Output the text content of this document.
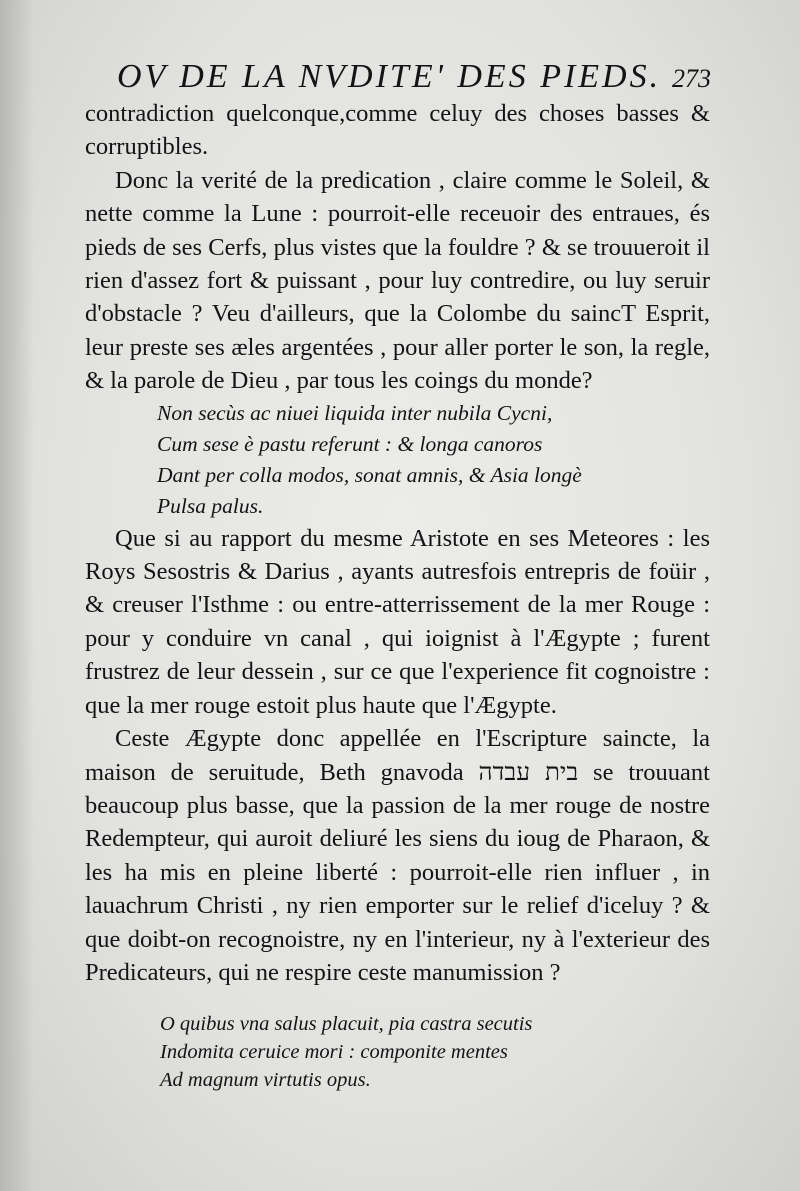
OV DE LA NVDITE' DES PIEDS. 273

contradiction quelconque,comme celuy des choses basses & corruptibles.

Donc la verité de la predication , claire comme le Soleil, & nette comme la Lune : pourroit-elle receuoir des entraues, és pieds de ses Cerfs, plus vistes que la fouldre ? & se trouueroit il rien d'assez fort & puissant , pour luy contredire, ou luy seruir d'obstacle ? Veu d'ailleurs, que la Colombe du saincT Esprit, leur preste ses æles argentées , pour aller porter le son, la regle, & la parole de Dieu , par tous les coings du monde?

Non secùs ac niuei liquida inter nubila Cycni,
Cum sese è pastu referunt : & longa canoros
Dant per colla modos, sonat amnis, & Asia longè
Pulsa palus.

Que si au rapport du mesme Aristote en ses Meteores : les Roys Sesostris & Darius , ayants autresfois entrepris de foüir , & creuser l'Isthme : ou entre-atterrissement de la mer Rouge : pour y conduire vn canal , qui ioignist à l'Ægypte ; furent frustrez de leur dessein , sur ce que l'experience fit cognoistre : que la mer rouge estoit plus haute que l'Ægypte.

Ceste Ægypte donc appellée en l'Escripture saincte, la maison de seruitude, Beth gnavoda בית עבדה se trouuant beaucoup plus basse, que la passion de la mer rouge de nostre Redempteur, qui auroit deliuré les siens du ioug de Pharaon, & les ha mis en pleine liberté : pourroit-elle rien influer , in lauachrum Christi , ny rien emporter sur le relief d'iceluy ? & que doibt-on recognoistre, ny en l'interieur, ny à l'exterieur des Predicateurs, qui ne respire ceste manumission ?

O quibus vna salus placuit, pia castra secutis
Indomita ceruice mori : componite mentes
Ad magnum virtutis opus.
